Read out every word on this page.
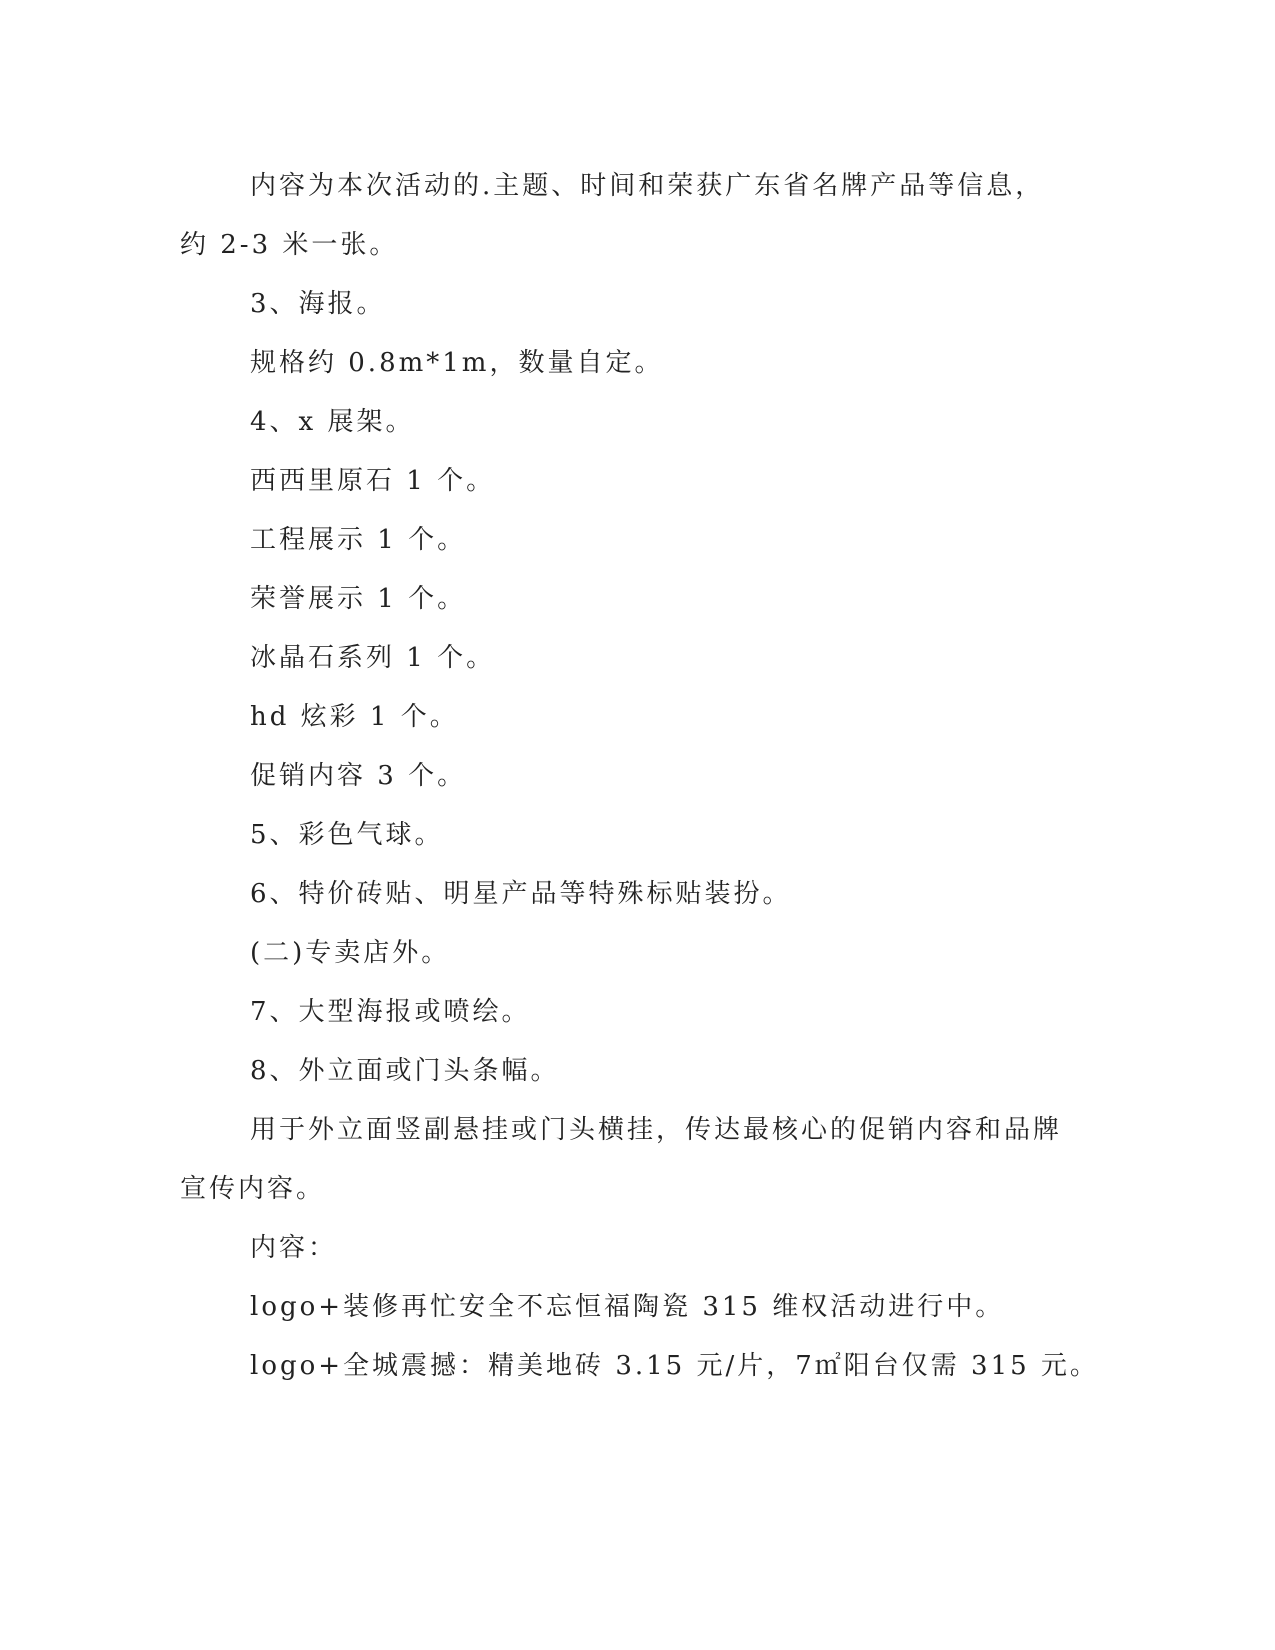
内容为本次活动的.主题、时间和荣获广东省名牌产品等信息，

约 2-3 米一张。

3、海报。

规格约 0.8m*1m，数量自定。

4、x 展架。

西西里原石 1 个。

工程展示 1 个。

荣誉展示 1 个。

冰晶石系列 1 个。

hd 炫彩 1 个。

促销内容 3 个。

5、彩色气球。

6、特价砖贴、明星产品等特殊标贴装扮。

(二)专卖店外。

7、大型海报或喷绘。

8、外立面或门头条幅。

用于外立面竖副悬挂或门头横挂，传达最核心的促销内容和品牌

宣传内容。

内容：

logo+装修再忙安全不忘恒福陶瓷 315 维权活动进行中。

logo+全城震撼：精美地砖 3.15 元/片，7㎡阳台仅需 315 元。
